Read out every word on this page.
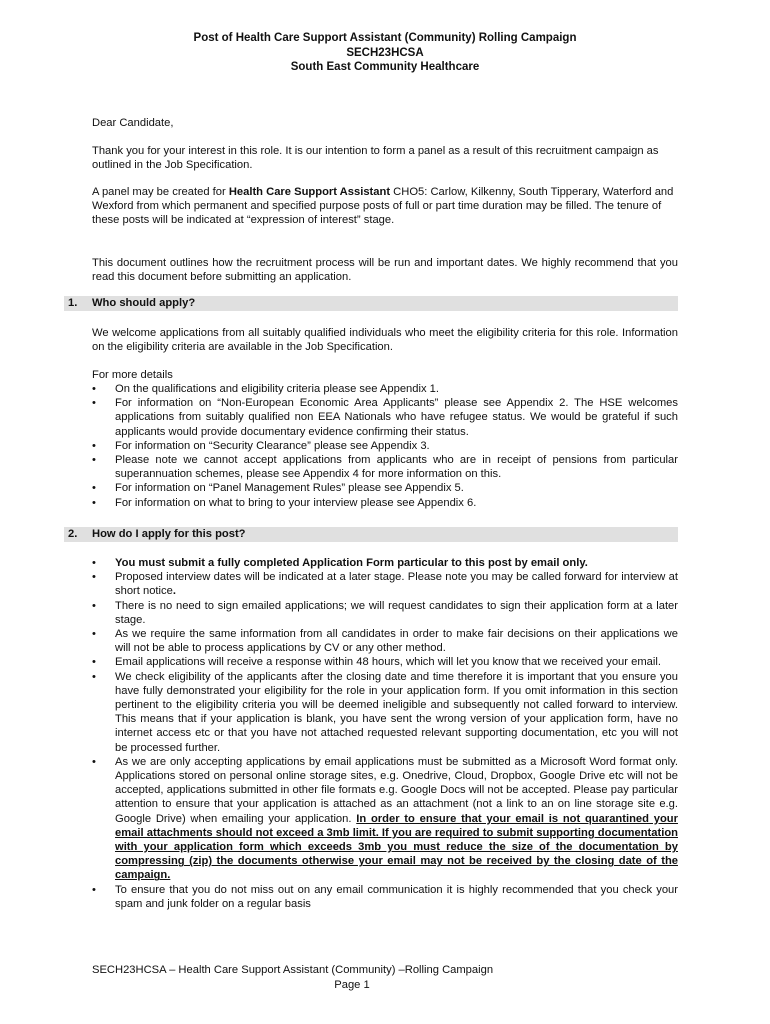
Post of Health Care Support Assistant (Community) Rolling Campaign
SECH23HCSA
South East Community Healthcare

Dear Candidate,

Thank you for your interest in this role. It is our intention to form a panel as a result of this recruitment campaign as outlined in the Job Specification.

A panel may be created for Health Care Support Assistant CHO5: Carlow, Kilkenny, South Tipperary, Waterford and Wexford from which permanent and specified purpose posts of full or part time duration may be filled. The tenure of these posts will be indicated at “expression of interest” stage.

This document outlines how the recruitment process will be run and important dates. We highly recommend that you read this document before submitting an application.

1. Who should apply?

We welcome applications from all suitably qualified individuals who meet the eligibility criteria for this role. Information on the eligibility criteria are available in the Job Specification.

For more details

• On the qualifications and eligibility criteria please see Appendix 1.
• For information on “Non-European Economic Area Applicants” please see Appendix 2. The HSE welcomes applications from suitably qualified non EEA Nationals who have refugee status. We would be grateful if such applicants would provide documentary evidence confirming their status.
• For information on “Security Clearance” please see Appendix 3.
• Please note we cannot accept applications from applicants who are in receipt of pensions from particular superannuation schemes, please see Appendix 4 for more information on this.
• For information on “Panel Management Rules” please see Appendix 5.
• For information on what to bring to your interview please see Appendix 6.
2. How do I apply for this post?
• You must submit a fully completed Application Form particular to this post by email only.
• Proposed interview dates will be indicated at a later stage. Please note you may be called forward for interview at short notice.
• There is no need to sign emailed applications; we will request candidates to sign their application form at a later stage.
• As we require the same information from all candidates in order to make fair decisions on their applications we will not be able to process applications by CV or any other method.
• Email applications will receive a response within 48 hours, which will let you know that we received your email.
• We check eligibility of the applicants after the closing date and time therefore it is important that you ensure you have fully demonstrated your eligibility for the role in your application form. If you omit information in this section pertinent to the eligibility criteria you will be deemed ineligible and subsequently not called forward to interview. This means that if your application is blank, you have sent the wrong version of your application form, have no internet access etc or that you have not attached requested relevant supporting documentation, etc you will not be processed further.
• As we are only accepting applications by email applications must be submitted as a Microsoft Word format only. Applications stored on personal online storage sites, e.g. Onedrive, Cloud, Dropbox, Google Drive etc will not be accepted, applications submitted in other file formats e.g. Google Docs will not be accepted. Please pay particular attention to ensure that your application is attached as an attachment (not a link to an on line storage site e.g. Google Drive) when emailing your application. In order to ensure that your email is not quarantined your email attachments should not exceed a 3mb limit. If you are required to submit supporting documentation with your application form which exceeds 3mb you must reduce the size of the documentation by compressing (zip) the documents otherwise your email may not be received by the closing date of the campaign.
• To ensure that you do not miss out on any email communication it is highly recommended that you check your spam and junk folder on a regular basis
SECH23HCSA – Health Care Support Assistant (Community) –Rolling Campaign
Page 1
